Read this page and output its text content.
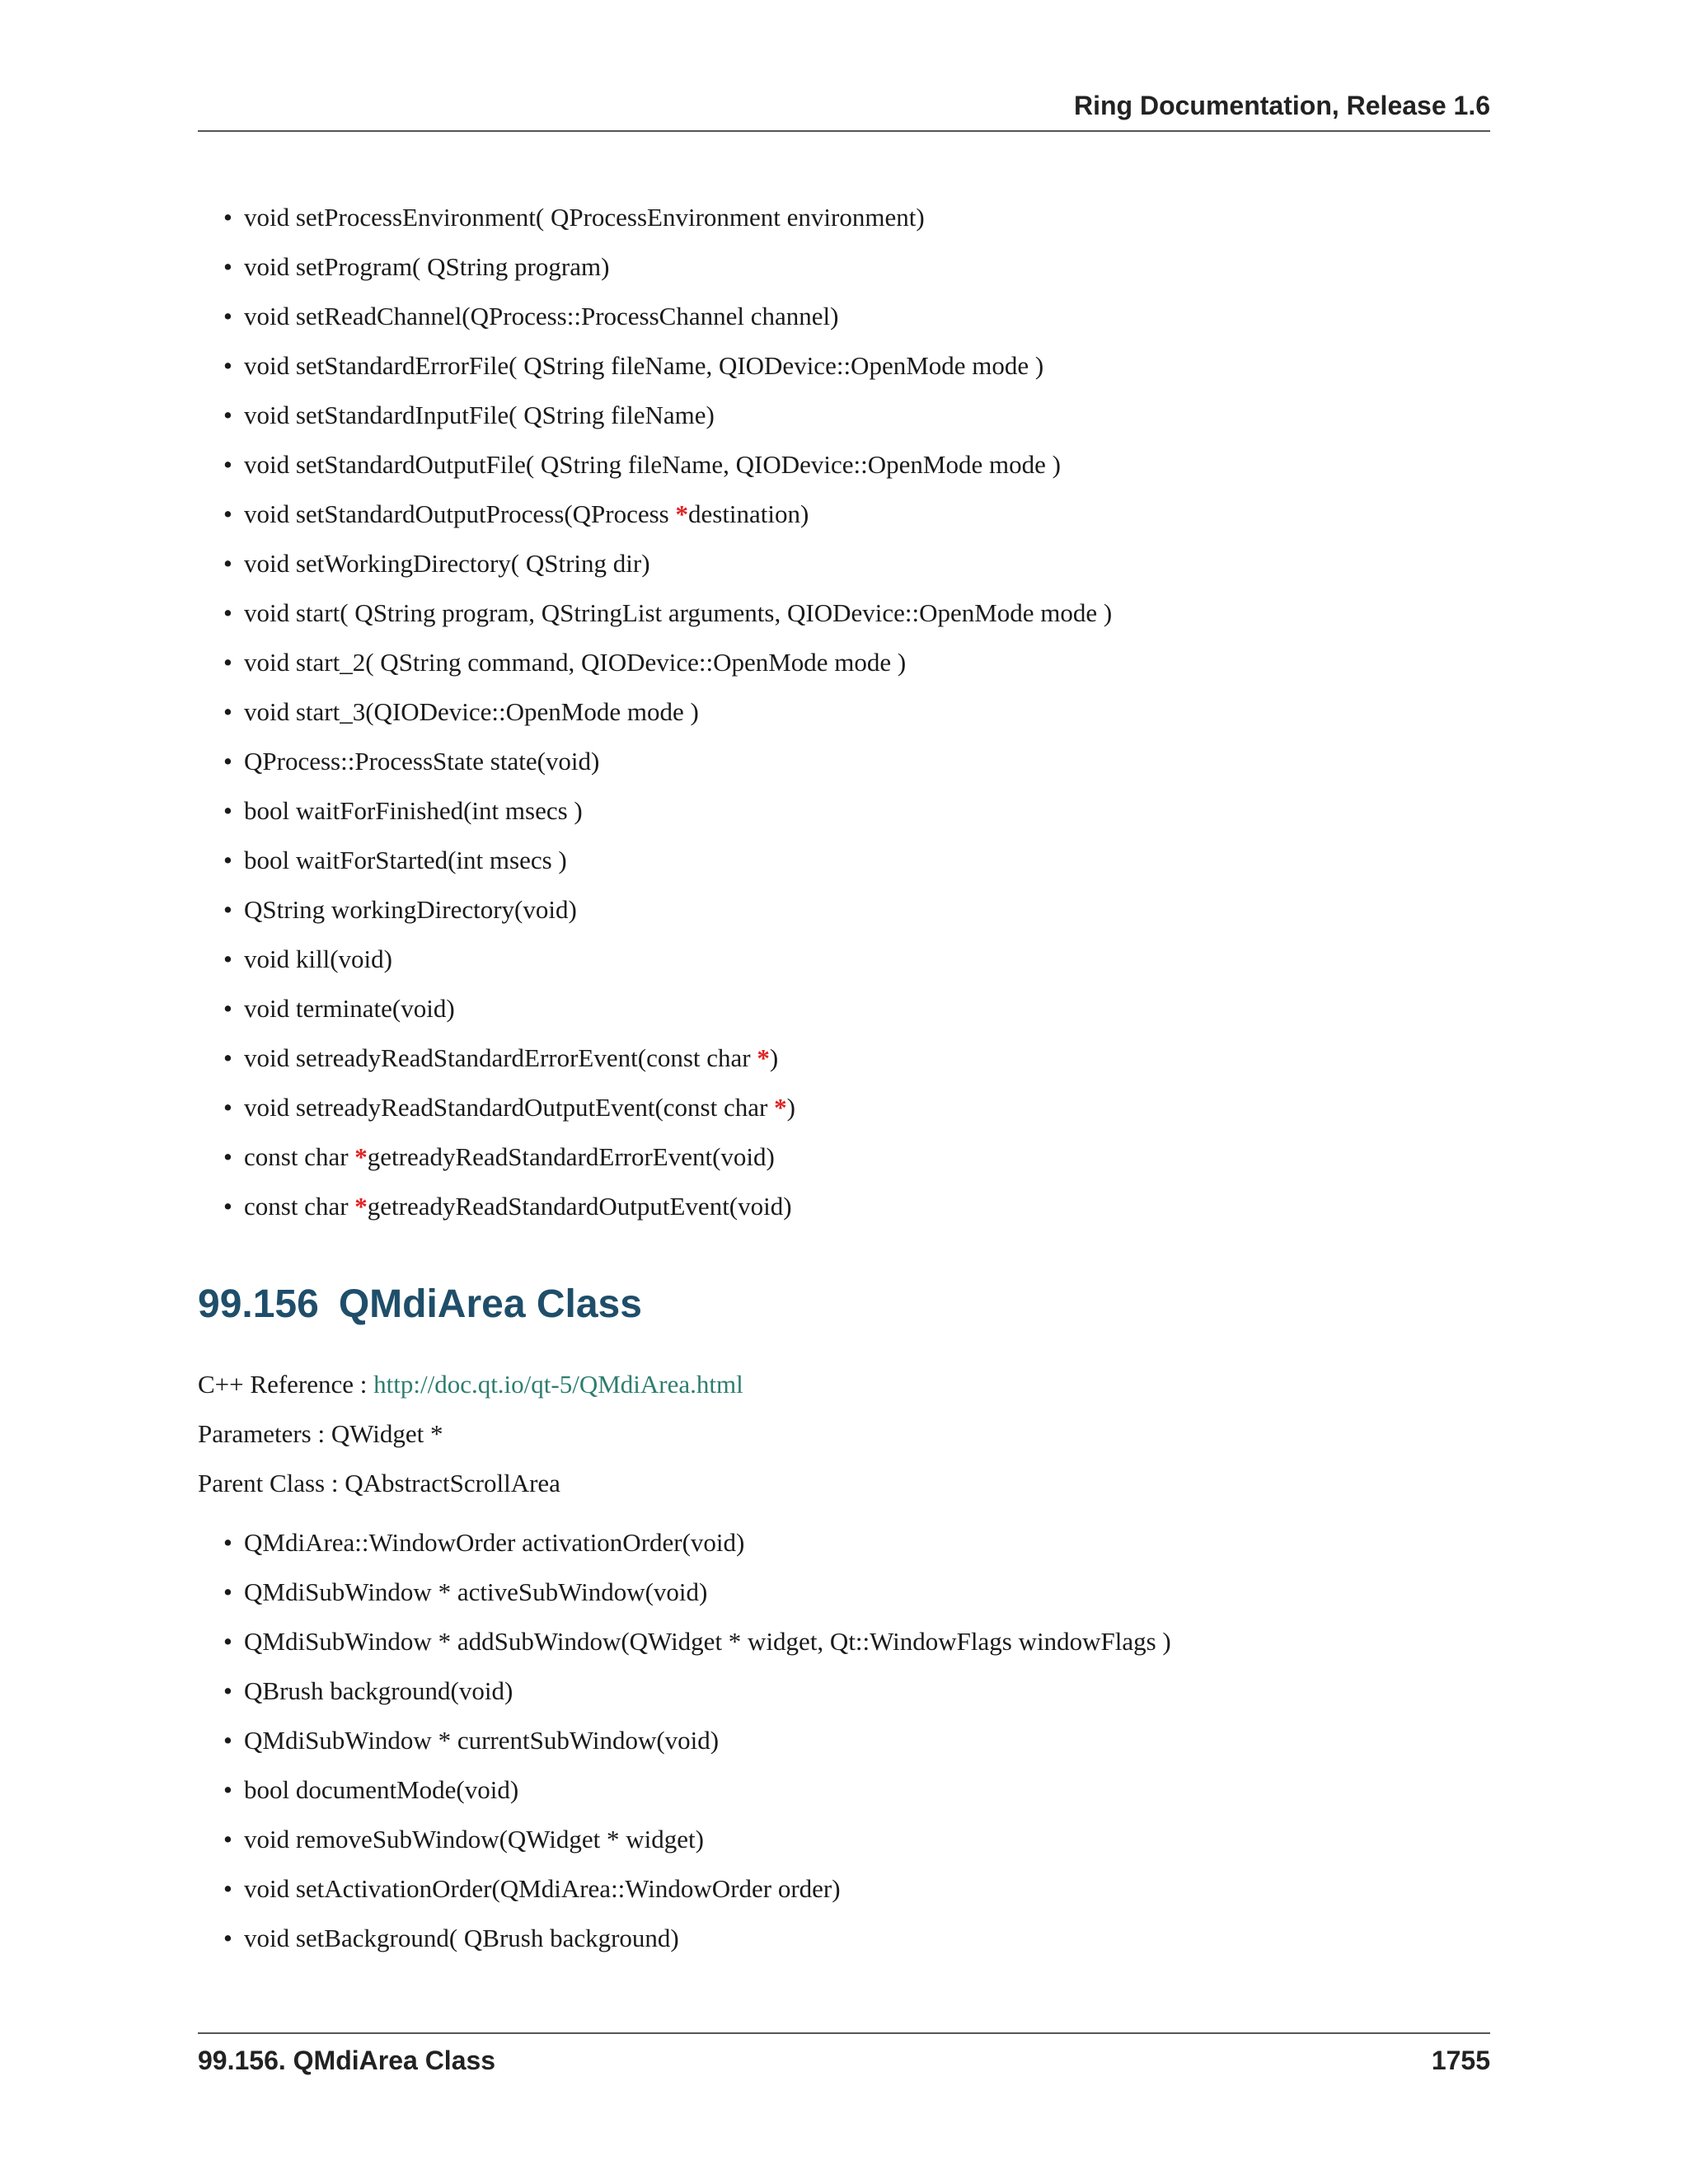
Ring Documentation, Release 1.6
• void setProcessEnvironment( QProcessEnvironment environment)
• void setProgram( QString program)
• void setReadChannel(QProcess::ProcessChannel channel)
• void setStandardErrorFile( QString fileName, QIODevice::OpenMode mode )
• void setStandardInputFile( QString fileName)
• void setStandardOutputFile( QString fileName, QIODevice::OpenMode mode )
• void setStandardOutputProcess(QProcess *destination)
• void setWorkingDirectory( QString dir)
• void start( QString program, QStringList arguments, QIODevice::OpenMode mode )
• void start_2( QString command, QIODevice::OpenMode mode )
• void start_3(QIODevice::OpenMode mode )
• QProcess::ProcessState state(void)
• bool waitForFinished(int msecs )
• bool waitForStarted(int msecs )
• QString workingDirectory(void)
• void kill(void)
• void terminate(void)
• void setreadyReadStandardErrorEvent(const char *)
• void setreadyReadStandardOutputEvent(const char *)
• const char *getreadyReadStandardErrorEvent(void)
• const char *getreadyReadStandardOutputEvent(void)
99.156 QMdiArea Class
C++ Reference : http://doc.qt.io/qt-5/QMdiArea.html
Parameters : QWidget *
Parent Class : QAbstractScrollArea
• QMdiArea::WindowOrder activationOrder(void)
• QMdiSubWindow * activeSubWindow(void)
• QMdiSubWindow * addSubWindow(QWidget * widget, Qt::WindowFlags windowFlags )
• QBrush background(void)
• QMdiSubWindow * currentSubWindow(void)
• bool documentMode(void)
• void removeSubWindow(QWidget * widget)
• void setActivationOrder(QMdiArea::WindowOrder order)
• void setBackground( QBrush background)
99.156. QMdiArea Class	1755
